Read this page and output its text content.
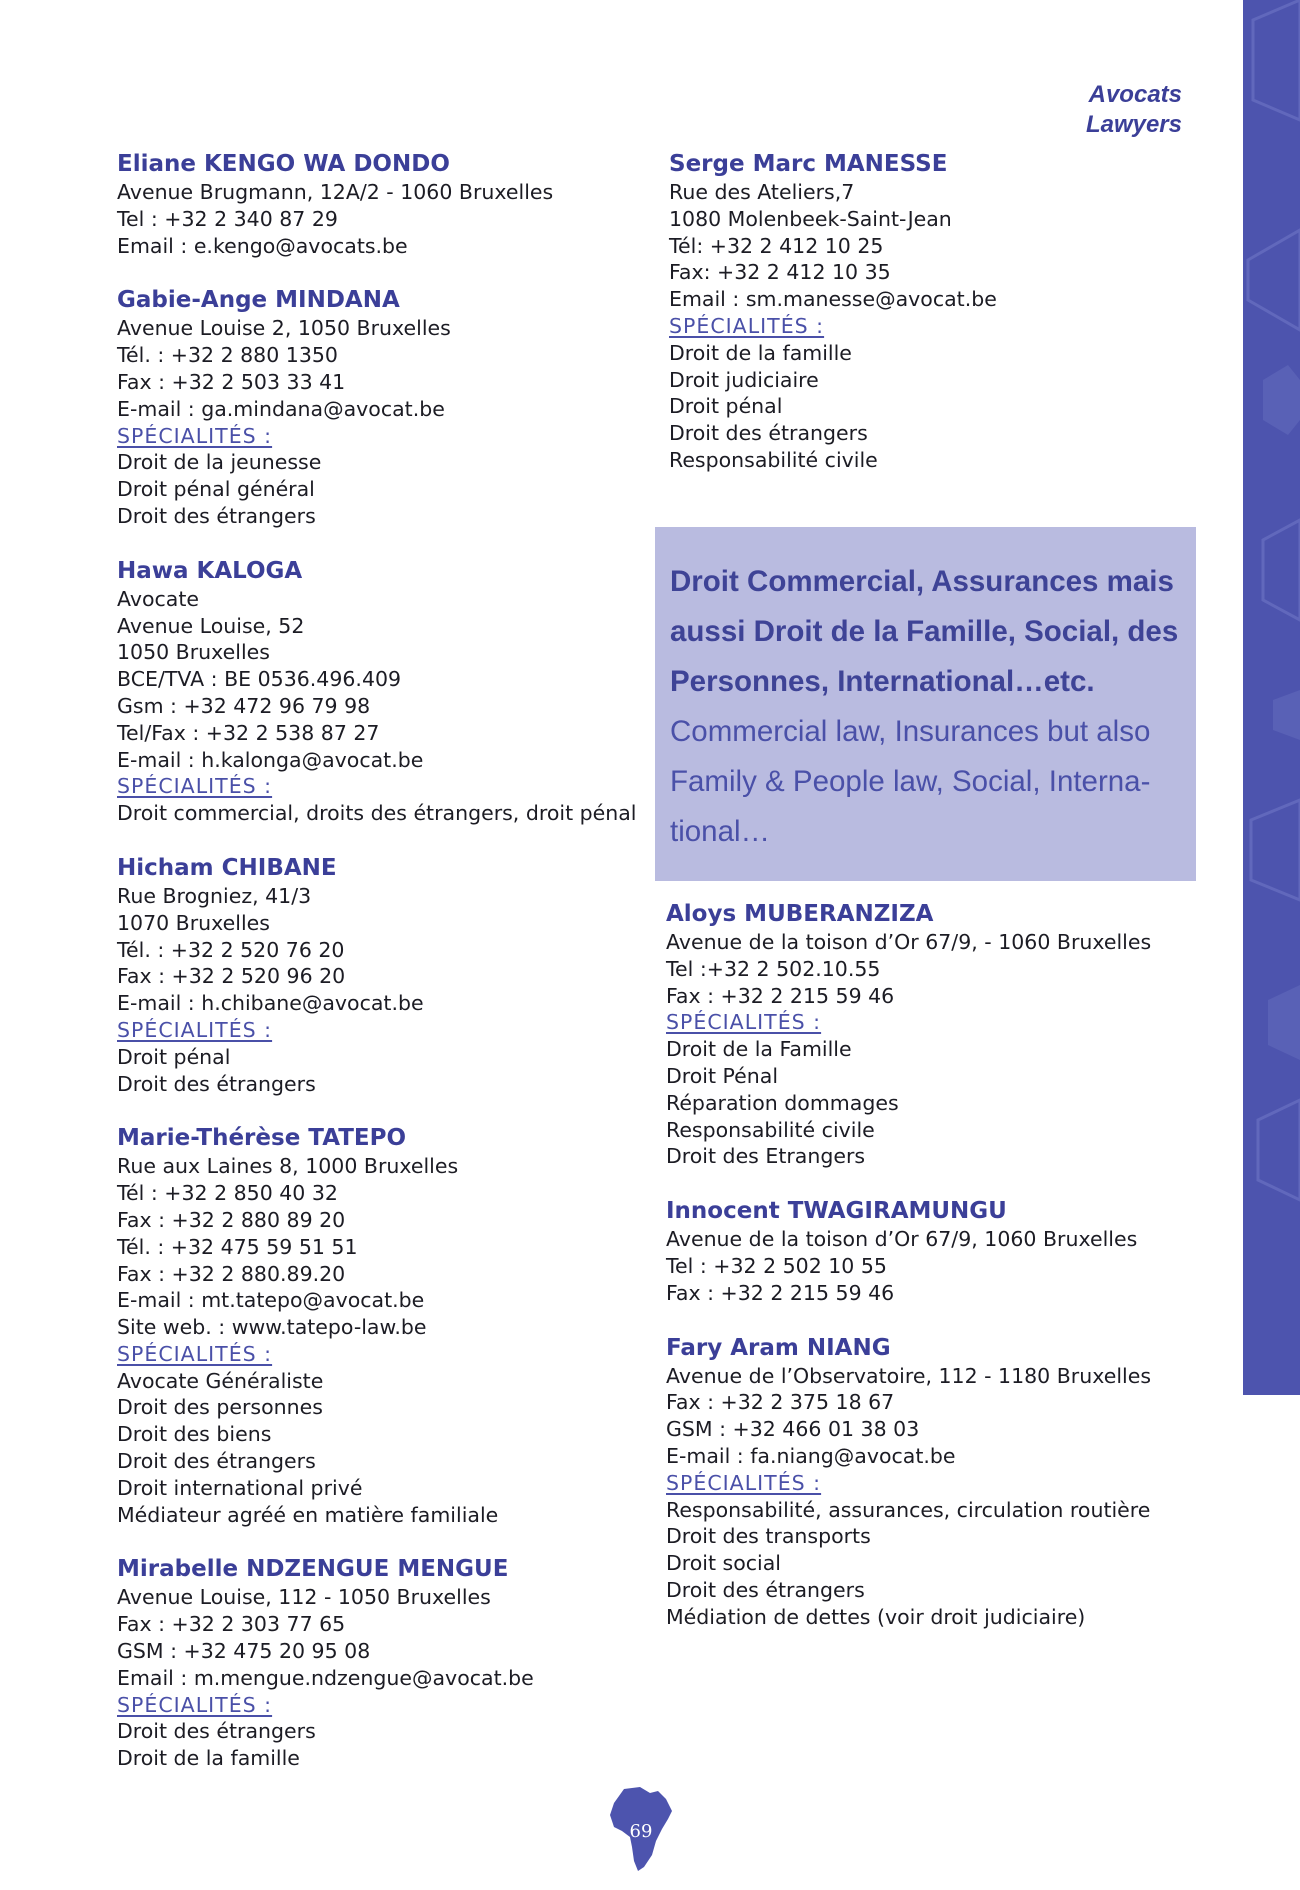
Avocats
Lawyers
Eliane KENGO WA DONDO
Avenue Brugmann, 12A/2 - 1060 Bruxelles
Tel : +32 2 340 87 29
Email : e.kengo@avocats.be
Gabie-Ange MINDANA
Avenue Louise 2, 1050 Bruxelles
Tél. : +32 2 880 1350
Fax : +32 2 503 33 41
E-mail : ga.mindana@avocat.be
SPÉCIALITÉS :
Droit de la jeunesse
Droit pénal général
Droit des étrangers
Hawa KALOGA
Avocate
Avenue Louise, 52
1050 Bruxelles
BCE/TVA : BE 0536.496.409
Gsm : +32 472 96 79 98
Tel/Fax : +32 2 538 87 27
E-mail : h.kalonga@avocat.be
SPÉCIALITÉS :
Droit commercial, droits des étrangers, droit pénal
Hicham CHIBANE
Rue Brogniez, 41/3
1070 Bruxelles
Tél. : +32 2 520 76 20
Fax : +32 2 520 96 20
E-mail : h.chibane@avocat.be
SPÉCIALITÉS :
Droit pénal
Droit des étrangers
Marie-Thérèse TATEPO
Rue aux Laines 8, 1000 Bruxelles
Tél : +32 2 850 40 32
Fax : +32 2 880 89 20
Tél. : +32 475 59 51 51
Fax : +32 2 880.89.20
E-mail : mt.tatepo@avocat.be
Site web. : www.tatepo-law.be
SPÉCIALITÉS :
Avocate Généraliste
Droit des personnes
Droit des biens
Droit des étrangers
Droit international privé
Médiateur agréé en matière familiale
Mirabelle NDZENGUE MENGUE
Avenue Louise, 112 - 1050 Bruxelles
Fax : +32 2 303 77 65
GSM : +32 475 20 95 08
Email : m.mengue.ndzengue@avocat.be
SPÉCIALITÉS :
Droit des étrangers
Droit de la famille
Serge Marc MANESSE
Rue des Ateliers,7
1080 Molenbeek-Saint-Jean
Tél: +32 2 412 10 25
Fax: +32 2 412 10 35
Email : sm.manesse@avocat.be
SPÉCIALITÉS :
Droit de la famille
Droit judiciaire
Droit pénal
Droit des étrangers
Responsabilité civile
Droit Commercial, Assurances mais
aussi Droit de la Famille, Social, des
Personnes, International…etc.
Commercial law, Insurances but also
Family & People law, Social, Interna-
tional…
Aloys MUBERANZIZA
Avenue de la toison d’Or 67/9, - 1060 Bruxelles
Tel :+32 2 502.10.55
Fax : +32 2 215 59 46
SPÉCIALITÉS :
Droit de la Famille
Droit Pénal
Réparation dommages
Responsabilité civile
Droit des Etrangers
Innocent TWAGIRAMUNGU
Avenue de la toison d’Or 67/9, 1060 Bruxelles
Tel : +32 2 502 10 55
Fax : +32 2 215 59 46
Fary Aram NIANG
Avenue de l’Observatoire, 112 - 1180 Bruxelles
Fax : +32 2 375 18 67
GSM : +32 466 01 38 03
E-mail : fa.niang@avocat.be
SPÉCIALITÉS :
Responsabilité, assurances, circulation routière
Droit des transports
Droit social
Droit des étrangers
Médiation de dettes (voir droit judiciaire)
69
